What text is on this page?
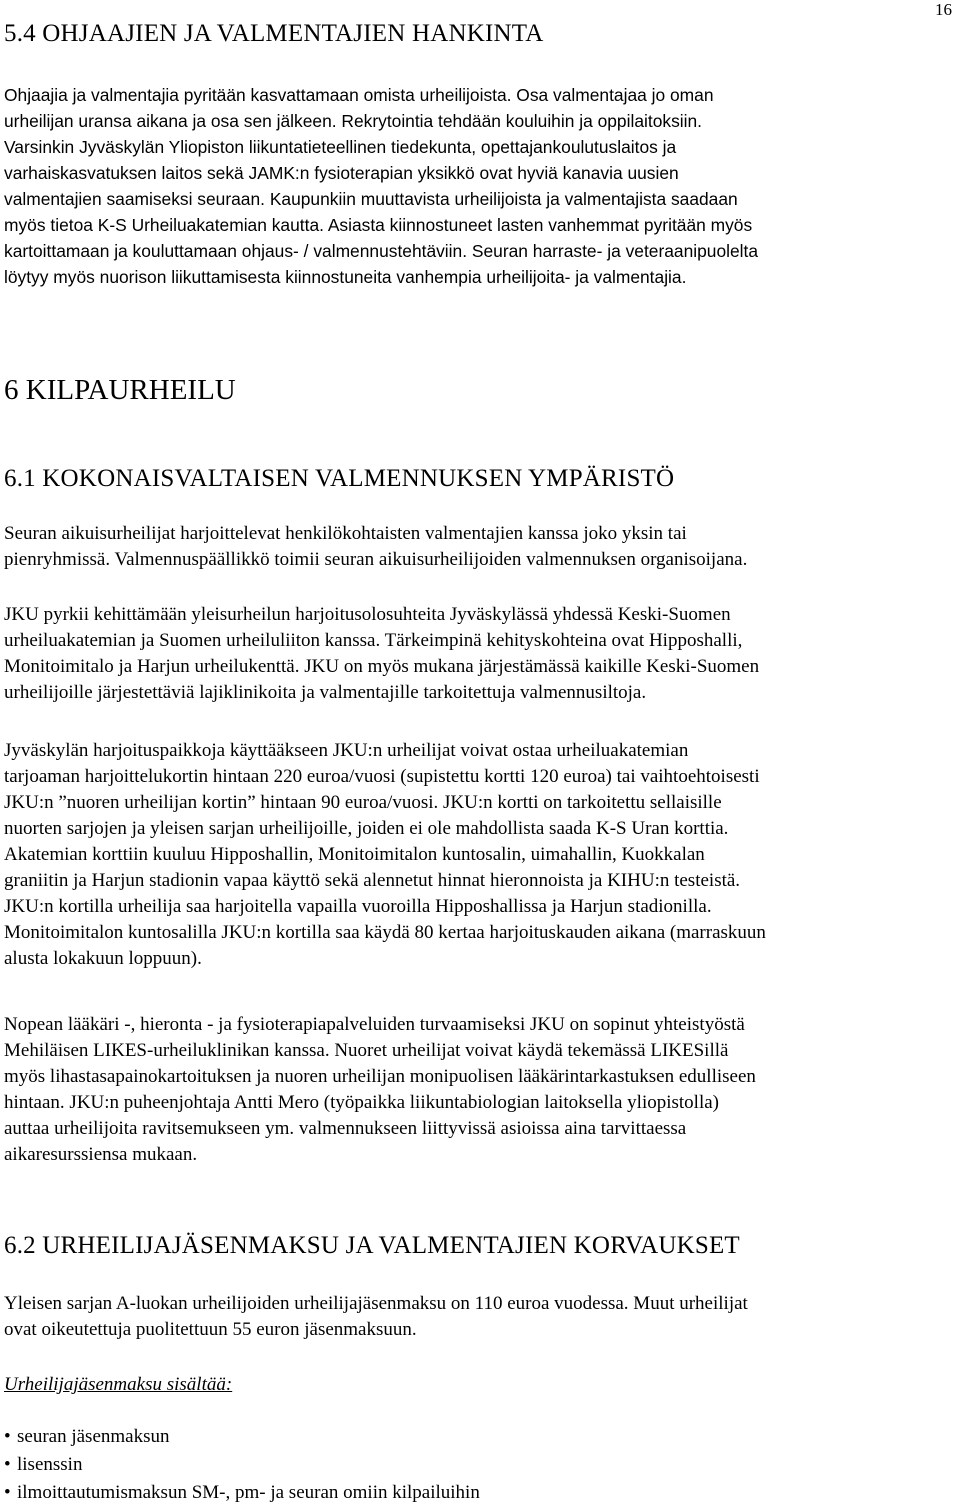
16
5.4 OHJAAJIEN JA VALMENTAJIEN HANKINTA

Ohjaajia ja valmentajia pyritään kasvattamaan omista urheilijoista. Osa valmentajaa jo oman
urheilijan uransa aikana ja osa sen jälkeen. Rekrytointia tehdään kouluihin ja oppilaitoksiin.
Varsinkin Jyväskylän Yliopiston liikuntatieteellinen tiedekunta, opettajankoulutuslaitos ja
varhaiskasvatuksen laitos sekä JAMK:n fysioterapian yksikkö ovat hyviä kanavia uusien
valmentajien saamiseksi seuraan. Kaupunkiin muuttavista urheilijoista ja valmentajista saadaan
myös tietoa K-S Urheiluakatemian kautta. Asiasta kiinnostuneet lasten vanhemmat pyritään myös
kartoittamaan ja kouluttamaan ohjaus- / valmennustehtäviin. Seuran harraste- ja veteraanipuolelta
löytyy myös nuorison liikuttamisesta kiinnostuneita vanhempia urheilijoita- ja valmentajia.

6 KILPAURHEILU
6.1 KOKONAISVALTAISEN VALMENNUKSEN YMPÄRISTÖ

Seuran aikuisurheilijat harjoittelevat henkilökohtaisten valmentajien kanssa joko yksin tai
pienryhmissä. Valmennuspäällikkö toimii seuran aikuisurheilijoiden valmennuksen organisoijana.

JKU pyrkii kehittämään yleisurheilun harjoitusolosuhteita Jyväskylässä yhdessä Keski-Suomen
urheiluakatemian ja Suomen urheiluliiton kanssa. Tärkeimpinä kehityskohteina ovat Hipposhalli,
Monitoimitalo ja Harjun urheilukenttä. JKU on myös mukana järjestämässä kaikille Keski-Suomen
urheilijoille järjestettäviä lajiklinikoita ja valmentajille tarkoitettuja valmennusiltoja.

Jyväskylän harjoituspaikkoja käyttääkseen JKU:n urheilijat voivat ostaa urheiluakatemian
tarjoaman harjoittelukortin hintaan 220 euroa/vuosi (supistettu kortti 120 euroa) tai vaihtoehtoisesti
JKU:n ”nuoren urheilijan kortin” hintaan 90 euroa/vuosi. JKU:n kortti on tarkoitettu sellaisille
nuorten sarjojen ja yleisen sarjan urheilijoille, joiden ei ole mahdollista saada K-S Uran korttia.
Akatemian korttiin kuuluu Hipposhallin, Monitoimitalon kuntosalin, uimahallin, Kuokkalan
graniitin ja Harjun stadionin vapaa käyttö sekä alennetut hinnat hieronnoista ja KIHU:n testeistä.
JKU:n kortilla urheilija saa harjoitella vapailla vuoroilla Hipposhallissa ja Harjun stadionilla.
Monitoimitalon kuntosalilla JKU:n kortilla saa käydä 80 kertaa harjoituskauden aikana (marraskuun
alusta lokakuun loppuun).

Nopean lääkäri -, hieronta - ja fysioterapiapalveluiden turvaamiseksi JKU on sopinut yhteistyöstä
Mehiläisen LIKES-urheiluklinikan kanssa. Nuoret urheilijat voivat käydä tekemässä LIKESillä
myös lihastasapainokartoituksen ja nuoren urheilijan monipuolisen lääkärintarkastuksen edulliseen
hintaan. JKU:n puheenjohtaja Antti Mero (työpaikka liikuntabiologian laitoksella yliopistolla)
auttaa urheilijoita ravitsemukseen ym. valmennukseen liittyvissä asioissa aina tarvittaessa
aikaresurssiensa mukaan.

6.2 URHEILIJAJÄSENMAKSU JA VALMENTAJIEN KORVAUKSET

Yleisen sarjan A-luokan urheilijoiden urheilijajäsenmaksu on 110 euroa vuodessa. Muut urheilijat
ovat oikeutettuja puolitettuun 55 euron jäsenmaksuun.

Urheilijajäsenmaksu sisältää:

• seuran jäsenmaksun
• lisenssin
• ilmoittautumismaksun SM-, pm- ja seuran omiin kilpailuihin
